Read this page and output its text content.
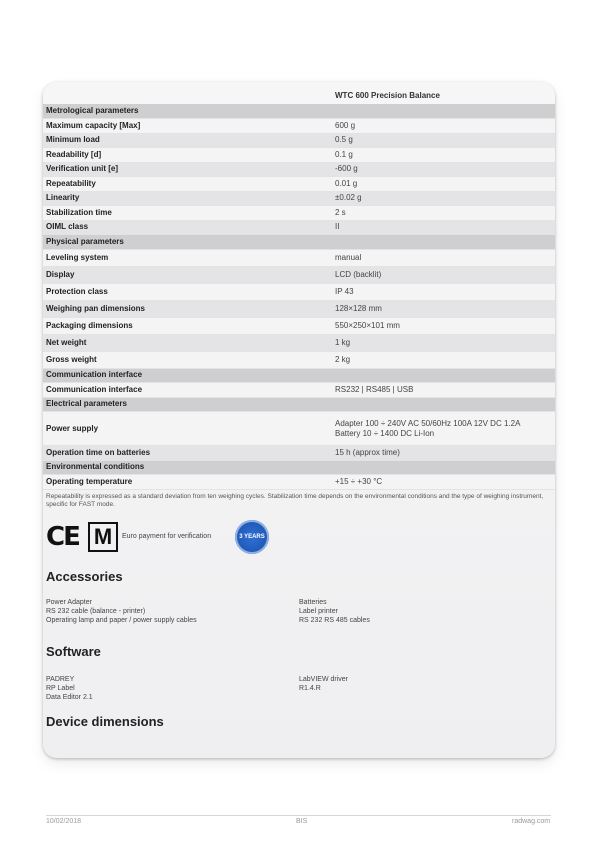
WTC 600 Precision Balance
Metrological parameters	
Maximum capacity [Max]	600 g
Minimum load	0.5 g
Readability [d]	0.1 g
Verification unit [e]	-600 g
Repeatability	0.01 g
Linearity	±0.02 g
Stabilization time	2 s
OIML class	II
Physical parameters	
Leveling system	manual
Display	LCD (backlit)
Protection class	IP 43
Weighing pan dimensions	128×128 mm
Packaging dimensions	550×250×101 mm
Net weight	1 kg
Gross weight	2 kg
Communication interface	
Communication interface	RS232 | RS485 | USB
Electrical parameters	
Power supply	Adapter 100 ÷ 240V AC 50/60Hz 100A 12V DC 1.2A
Battery 10 ÷ 1400 DC Li-Ion
Operation time on batteries	15 h (approx time)
Environmental conditions	
Operating temperature	+15 ÷ +30 °C
Repeatability is expressed as a standard deviation from ten weighing cycles. Stabilization time depends on the environmental conditions and the type of weighing instrument, specific for FAST mode.
CE M	Euro payment for verification	3 YEARS
Accessories
Power Adapter
RS 232 cable (balance - printer)
Operating lamp and paper / power supply cables
Batteries
Label printer
RS 232 RS 485 cables
Software
PADREY
RP Label
Data Editor 2.1
LabVIEW driver
R1.4.R
Device dimensions
10/02/2018	BIS	radwag.com
